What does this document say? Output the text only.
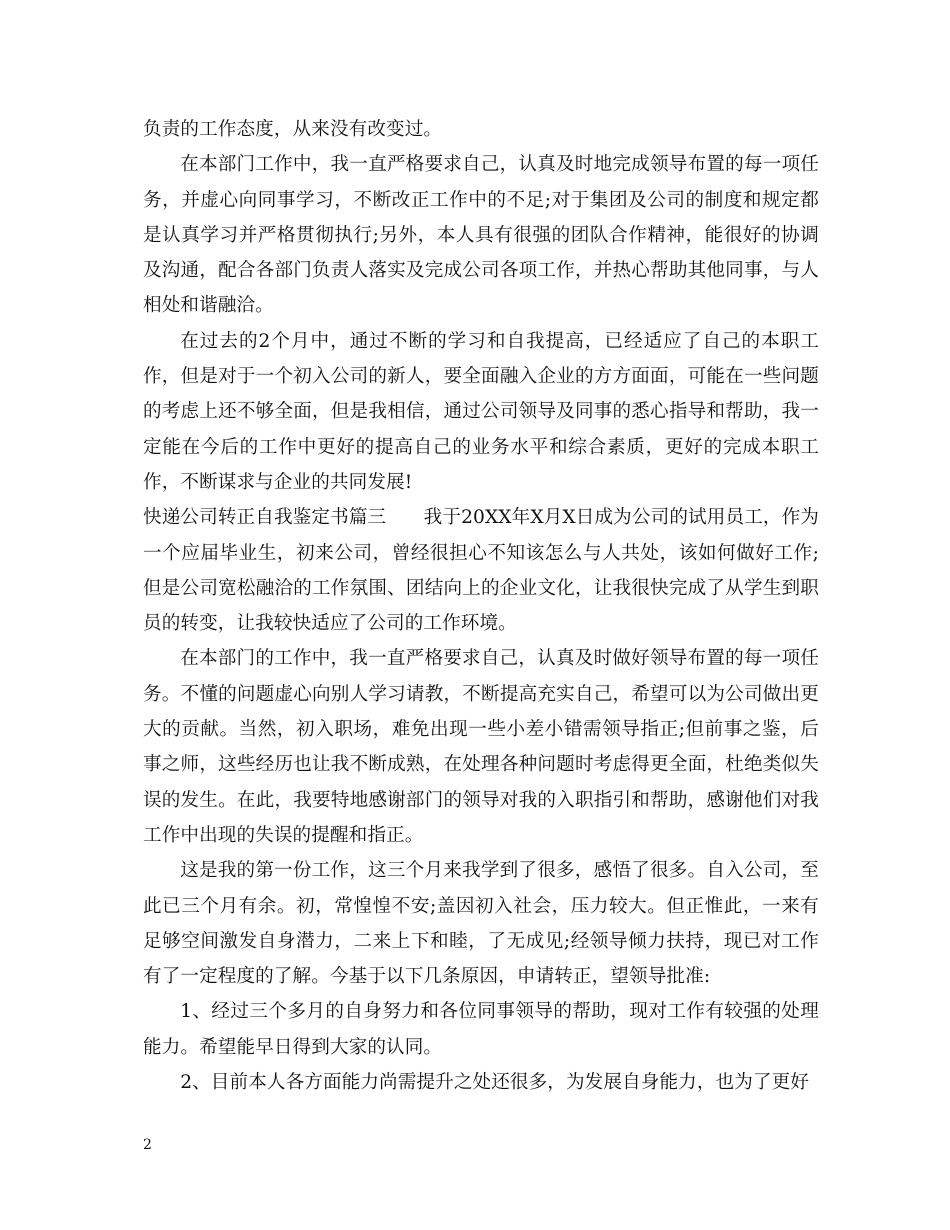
负责的工作态度，从来没有改变过。

在本部门工作中，我一直严格要求自己，认真及时地完成领导布置的每一项任务，并虚心向同事学习，不断改正工作中的不足;对于集团及公司的制度和规定都是认真学习并严格贯彻执行;另外，本人具有很强的团队合作精神，能很好的协调及沟通，配合各部门负责人落实及完成公司各项工作，并热心帮助其他同事，与人相处和谐融洽。

在过去的2个月中，通过不断的学习和自我提高，已经适应了自己的本职工作，但是对于一个初入公司的新人，要全面融入企业的方方面面，可能在一些问题的考虑上还不够全面，但是我相信，通过公司领导及同事的悉心指导和帮助，我一定能在今后的工作中更好的提高自己的业务水平和综合素质，更好的完成本职工作，不断谋求与企业的共同发展!

快递公司转正自我鉴定书篇三　　我于20XX年X月X日成为公司的试用员工，作为一个应届毕业生，初来公司，曾经很担心不知该怎么与人共处，该如何做好工作;但是公司宽松融洽的工作氛围、团结向上的企业文化，让我很快完成了从学生到职员的转变，让我较快适应了公司的工作环境。

在本部门的工作中，我一直严格要求自己，认真及时做好领导布置的每一项任务。不懂的问题虚心向别人学习请教，不断提高充实自己，希望可以为公司做出更大的贡献。当然，初入职场，难免出现一些小差小错需领导指正;但前事之鉴，后事之师，这些经历也让我不断成熟，在处理各种问题时考虑得更全面，杜绝类似失误的发生。在此，我要特地感谢部门的领导对我的入职指引和帮助，感谢他们对我工作中出现的失误的提醒和指正。

这是我的第一份工作，这三个月来我学到了很多，感悟了很多。自入公司，至此已三个月有余。初，常惶惶不安;盖因初入社会，压力较大。但正惟此，一来有足够空间激发自身潜力，二来上下和睦，了无成见;经领导倾力扶持，现已对工作有了一定程度的了解。今基于以下几条原因，申请转正，望领导批准:

1、经过三个多月的自身努力和各位同事领导的帮助，现对工作有较强的处理能力。希望能早日得到大家的认同。

2、目前本人各方面能力尚需提升之处还很多，为发展自身能力，也为了更好

2
